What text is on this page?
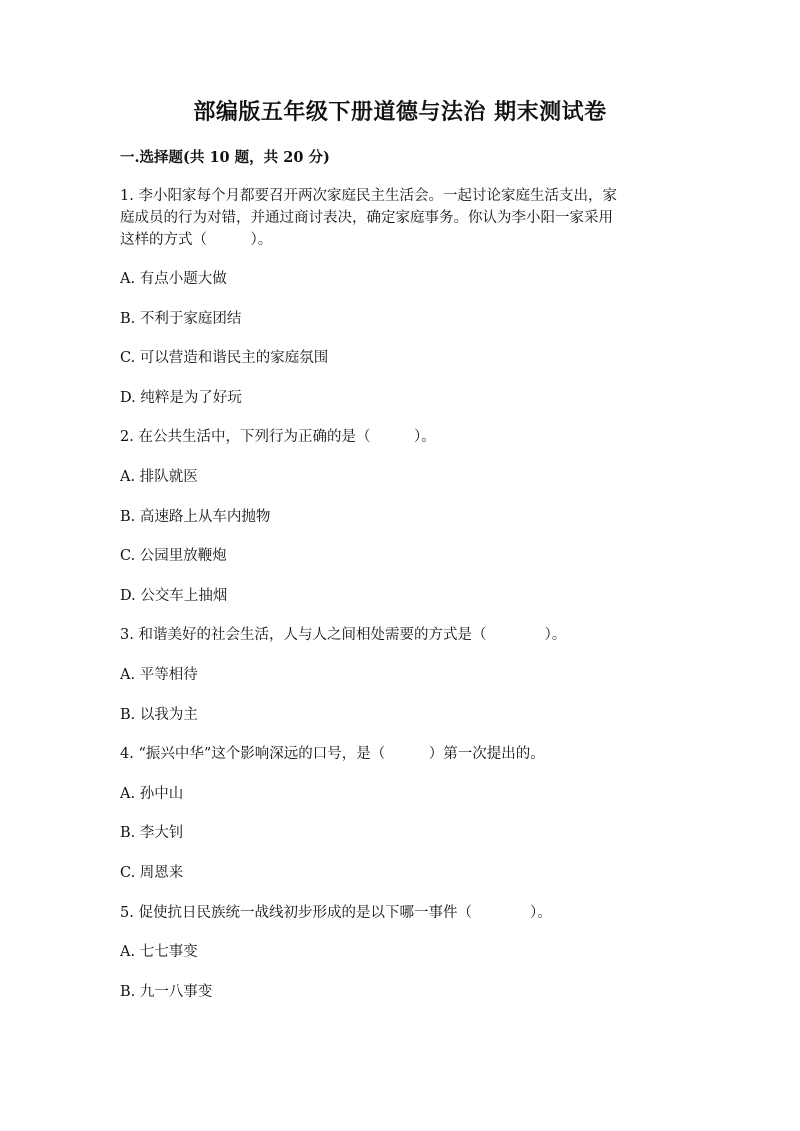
部编版五年级下册道德与法治 期末测试卷
一.选择题(共 10 题，共 20 分)
1. 李小阳家每个月都要召开两次家庭民主生活会。一起讨论家庭生活支出，家
庭成员的行为对错，并通过商讨表决，确定家庭事务。你认为李小阳一家采用
这样的方式（　　　）。
A. 有点小题大做
B. 不利于家庭团结
C. 可以营造和谐民主的家庭氛围
D. 纯粹是为了好玩
2. 在公共生活中，下列行为正确的是（　　　）。
A. 排队就医
B. 高速路上从车内抛物
C. 公园里放鞭炮
D. 公交车上抽烟
3. 和谐美好的社会生活，人与人之间相处需要的方式是（　　　　）。
A. 平等相待
B. 以我为主
4. “振兴中华”这个影响深远的口号，是（　　　）第一次提出的。
A. 孙中山
B. 李大钊
C. 周恩来
5. 促使抗日民族统一战线初步形成的是以下哪一事件（　　　　）。
A. 七七事变
B. 九一八事变
